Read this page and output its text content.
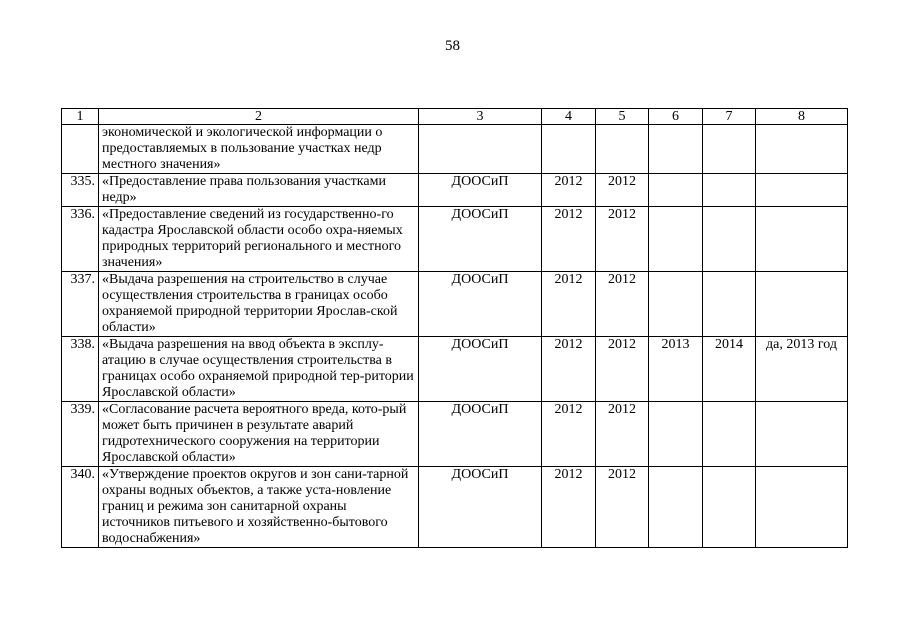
58
1	2	3	4	5	6	7	8
	экономической и экологической информации о предоставляемых в пользование участках недр местного значения»						
335.	«Предоставление права пользования участками недр»	ДООСиП	2012	2012			
336.	«Предоставление сведений из государственно-го кадастра Ярославской области особо охра-няемых природных территорий регионального и местного значения»	ДООСиП	2012	2012			
337.	«Выдача разрешения на строительство в случае осуществления строительства в границах особо охраняемой природной территории Ярослав-ской области»	ДООСиП	2012	2012			
338.	«Выдача разрешения на ввод объекта в эксплу-атацию в случае осуществления строительства в границах особо охраняемой природной тер-ритории Ярославской области»	ДООСиП	2012	2012	2013	2014	да, 2013 год
339.	«Согласование расчета вероятного вреда, кото-рый может быть причинен в результате аварий гидротехнического сооружения на территории Ярославской области»	ДООСиП	2012	2012			
340.	«Утверждение проектов округов и зон сани-тарной охраны водных объектов, а также уста-новление границ и режима зон санитарной охраны источников питьевого и хозяйственно-бытового водоснабжения»	ДООСиП	2012	2012			
